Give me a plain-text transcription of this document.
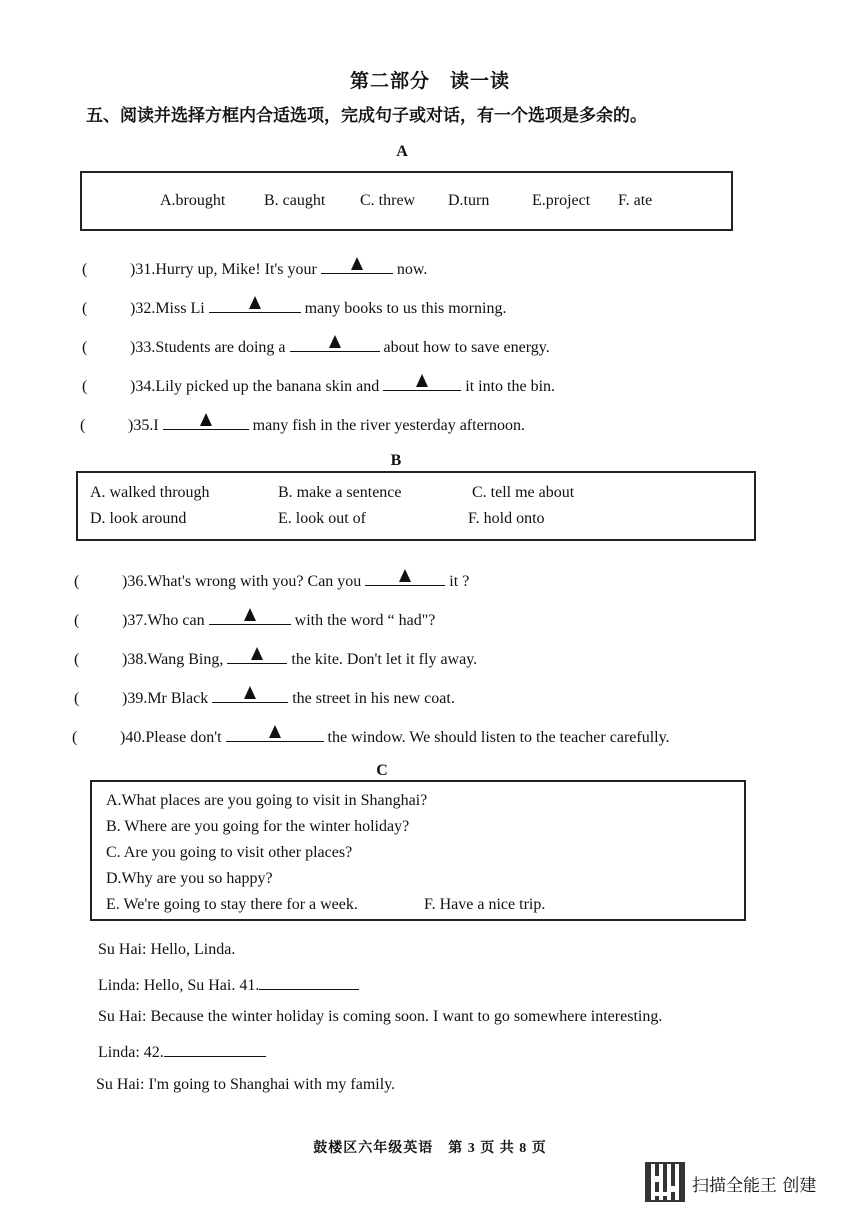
第二部分　读一读
五、阅读并选择方框内合适选项，完成句子或对话，有一个选项是多余的。
A
A.brought B. caught C. threw D.turn	E.project F. ate
(	)31. Hurry up, Mike! It's your	now.
(	)32. Miss Li	many books to us this morning.
(	)33. Students are doing a	about how to save energy.
(	)34. Lily picked up the banana skin and	it into the bin.
(	)35. I	many fish in the river yesterday afternoon.
B
A. walked through	B. make a sentence	C. tell me about
D. look around	E. look out of	F. hold onto
(	)36. What's wrong with you? Can you	it ?
(	)37. Who can	with the word “ had"?
(	)38. Wang Bing,	the kite. Don't let it fly away.
(	)39. Mr Black	the street in his new coat.
(	)40. Please don't	the window. We should listen to the teacher carefully.
C
A.What places are you going to visit in Shanghai?
B. Where are you going for the winter holiday?
C. Are you going to visit other places?
D.Why are you so happy?
E. We're going to stay there for a week.	F. Have a nice trip.
Su Hai: Hello, Linda.
Linda: Hello, Su Hai. 41.
Su Hai: Because the winter holiday is coming soon. I want to go somewhere interesting.
Linda: 42.
Su Hai: I'm going to Shanghai with my family.
鼓楼区六年级英语　第 3 页 共 8 页
扫描全能王 创建
